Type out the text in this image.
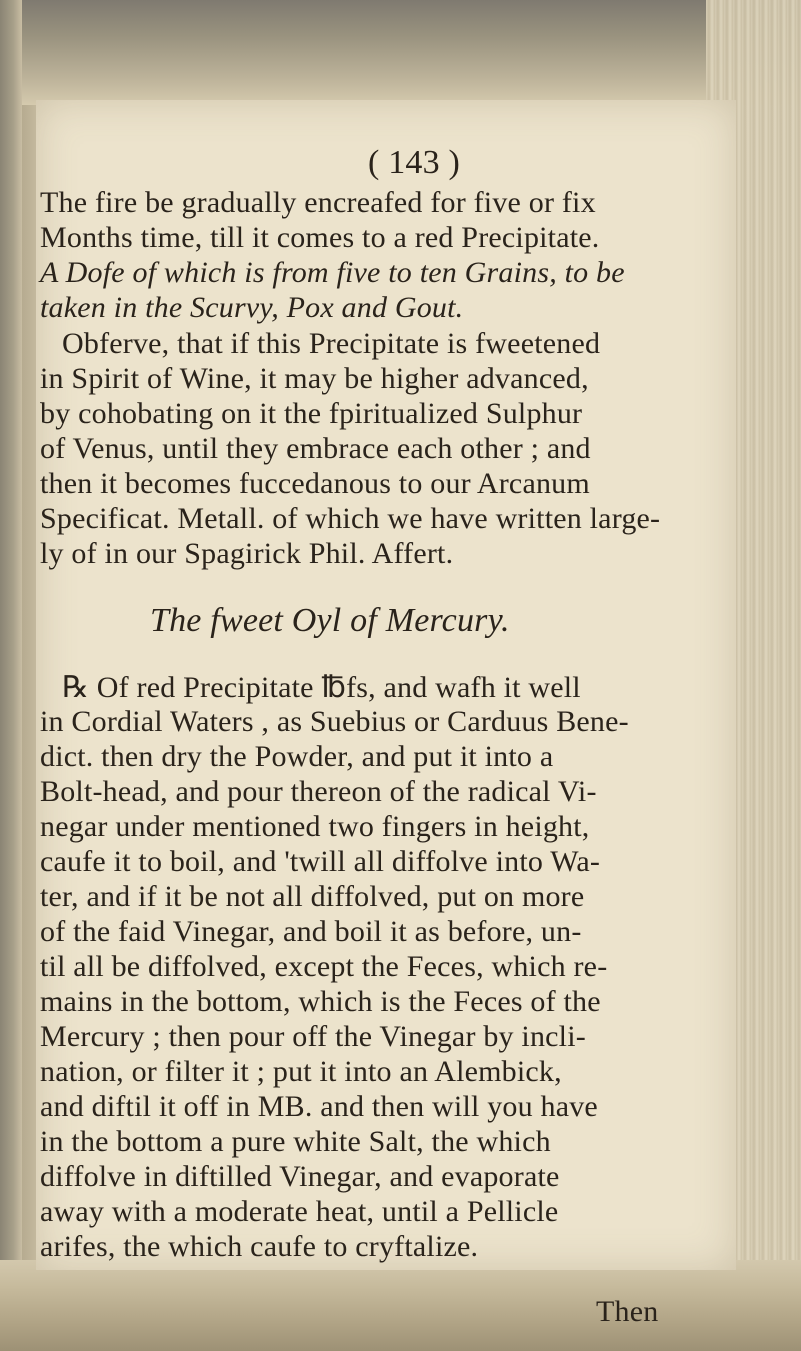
( 143 )
The fire be gradually encreafed for five or fix
Months time, till it comes to a red Precipitate.
A Dofe of which is from five to ten Grains, to be
taken in the Scurvy, Pox and Gout.
Obferve, that if this Precipitate is fweetened
in Spirit of Wine, it may be higher advanced,
by cohobating on it the fpiritualized Sulphur
of Venus, until they embrace each other ; and
then it becomes fuccedanous to our Arcanum
Specificat. Metall. of which we have written large-
ly of in our Spagirick Phil. Affert.
The fweet Oyl of Mercury.
℞ Of red Precipitate ℔fs, and wafh it well
in Cordial Waters , as Suebius or Carduus Bene-
dict. then dry the Powder, and put it into a
Bolt-head, and pour thereon of the radical Vi-
negar under mentioned two fingers in height,
caufe it to boil, and 'twill all diffolve into Wa-
ter, and if it be not all diffolved, put on more
of the faid Vinegar, and boil it as before, un-
til all be diffolved, except the Feces, which re-
mains in the bottom, which is the Feces of the
Mercury ; then pour off the Vinegar by incli-
nation, or filter it ; put it into an Alembick,
and diftil it off in MB. and then will you have
in the bottom a pure white Salt, the which
diffolve in diftilled Vinegar, and evaporate
away with a moderate heat, until a Pellicle
arifes, the which caufe to cryftalize.
Then
